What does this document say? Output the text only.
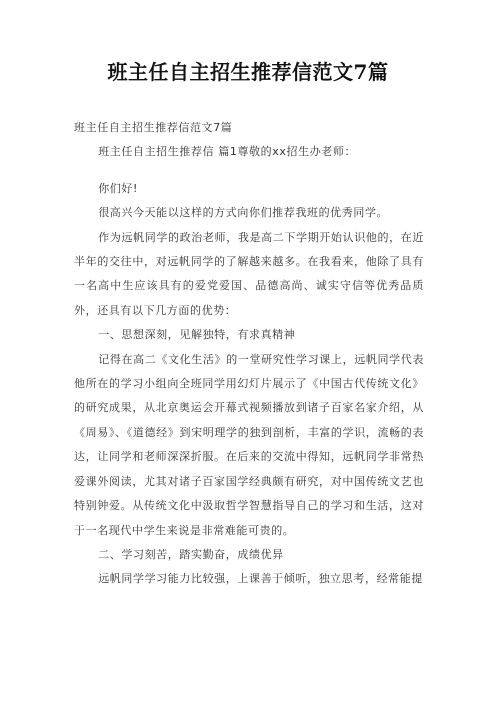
班主任自主招生推荐信范文7篇

班主任自主招生推荐信范文7篇

班主任自主招生推荐信 篇1尊敬的xx招生办老师：

你们好!

很高兴今天能以这样的方式向你们推荐我班的优秀同学。

作为远帆同学的政治老师，我是高二下学期开始认识他的，在近半年的交往中，对远帆同学的了解越来越多。在我看来，他除了具有一名高中生应该具有的爱党爱国、品德高尚、诚实守信等优秀品质外，还具有以下几方面的优势：

一、思想深刻，见解独特，有求真精神

记得在高二《文化生活》的一堂研究性学习课上，远帆同学代表他所在的学习小组向全班同学用幻灯片展示了《中国古代传统文化》的研究成果，从北京奥运会开幕式视频播放到诸子百家名家介绍，从《周易》、《道德经》到宋明理学的独到剖析，丰富的学识，流畅的表达，让同学和老师深深折服。在后来的交流中得知，远帆同学非常热爱课外阅读，尤其对诸子百家国学经典颇有研究，对中国传统文艺也特别钟爱。从传统文化中汲取哲学智慧指导自己的学习和生活，这对于一名现代中学生来说是非常难能可贵的。

二、学习刻苦，踏实勤奋，成绩优异

远帆同学学习能力比较强，上课善于倾听，独立思考，经常能提
